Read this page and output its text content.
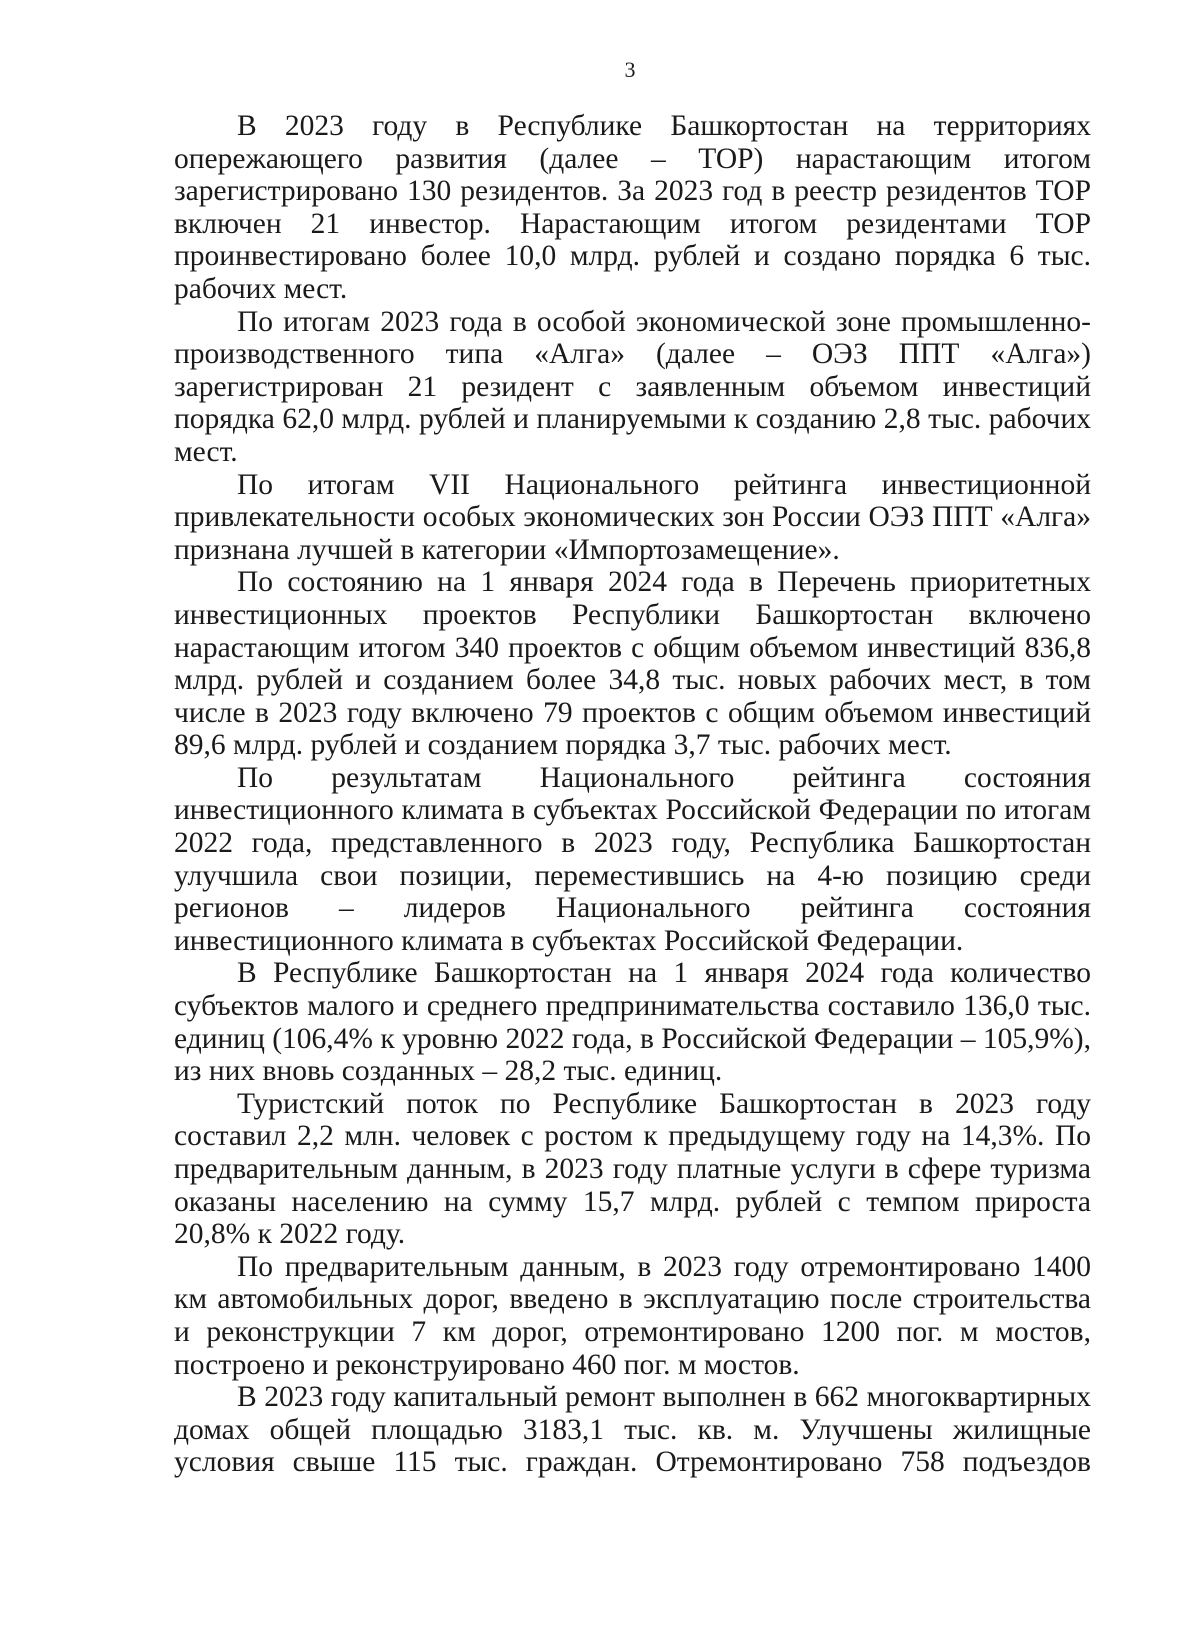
3

В 2023 году в Республике Башкортостан на территориях опережающего развития (далее – ТОР) нарастающим итогом зарегистрировано 130 резидентов. За 2023 год в реестр резидентов ТОР включен 21 инвестор. Нарастающим итогом резидентами ТОР проинвестировано более 10,0 млрд. рублей и создано порядка 6 тыс. рабочих мест.

По итогам 2023 года в особой экономической зоне промышленно-производственного типа «Алга» (далее – ОЭЗ ППТ «Алга») зарегистрирован 21 резидент с заявленным объемом инвестиций порядка 62,0 млрд. рублей и планируемыми к созданию 2,8 тыс. рабочих мест.

По итогам VII Национального рейтинга инвестиционной привлекательности особых экономических зон России ОЭЗ ППТ «Алга» признана лучшей в категории «Импортозамещение».

По состоянию на 1 января 2024 года в Перечень приоритетных инвестиционных проектов Республики Башкортостан включено нарастающим итогом 340 проектов с общим объемом инвестиций 836,8 млрд. рублей и созданием более 34,8 тыс. новых рабочих мест, в том числе в 2023 году включено 79 проектов с общим объемом инвестиций 89,6 млрд. рублей и созданием порядка 3,7 тыс. рабочих мест.

По результатам Национального рейтинга состояния инвестиционного климата в субъектах Российской Федерации по итогам 2022 года, представленного в 2023 году, Республика Башкортостан улучшила свои позиции, переместившись на 4-ю позицию среди регионов – лидеров Национального рейтинга состояния инвестиционного климата в субъектах Российской Федерации.

В Республике Башкортостан на 1 января 2024 года количество субъектов малого и среднего предпринимательства составило 136,0 тыс. единиц (106,4% к уровню 2022 года, в Российской Федерации – 105,9%), из них вновь созданных – 28,2 тыс. единиц.

Туристский поток по Республике Башкортостан в 2023 году составил 2,2 млн. человек с ростом к предыдущему году на 14,3%. По предварительным данным, в 2023 году платные услуги в сфере туризма оказаны населению на сумму 15,7 млрд. рублей с темпом прироста 20,8% к 2022 году.

По предварительным данным, в 2023 году отремонтировано 1400 км автомобильных дорог, введено в эксплуатацию после строительства и реконструкции 7 км дорог, отремонтировано 1200 пог. м мостов, построено и реконструировано 460 пог. м мостов.

В 2023 году капитальный ремонт выполнен в 662 многоквартирных домах общей площадью 3183,1 тыс. кв. м. Улучшены жилищные условия свыше 115 тыс. граждан. Отремонтировано 758 подъездов
